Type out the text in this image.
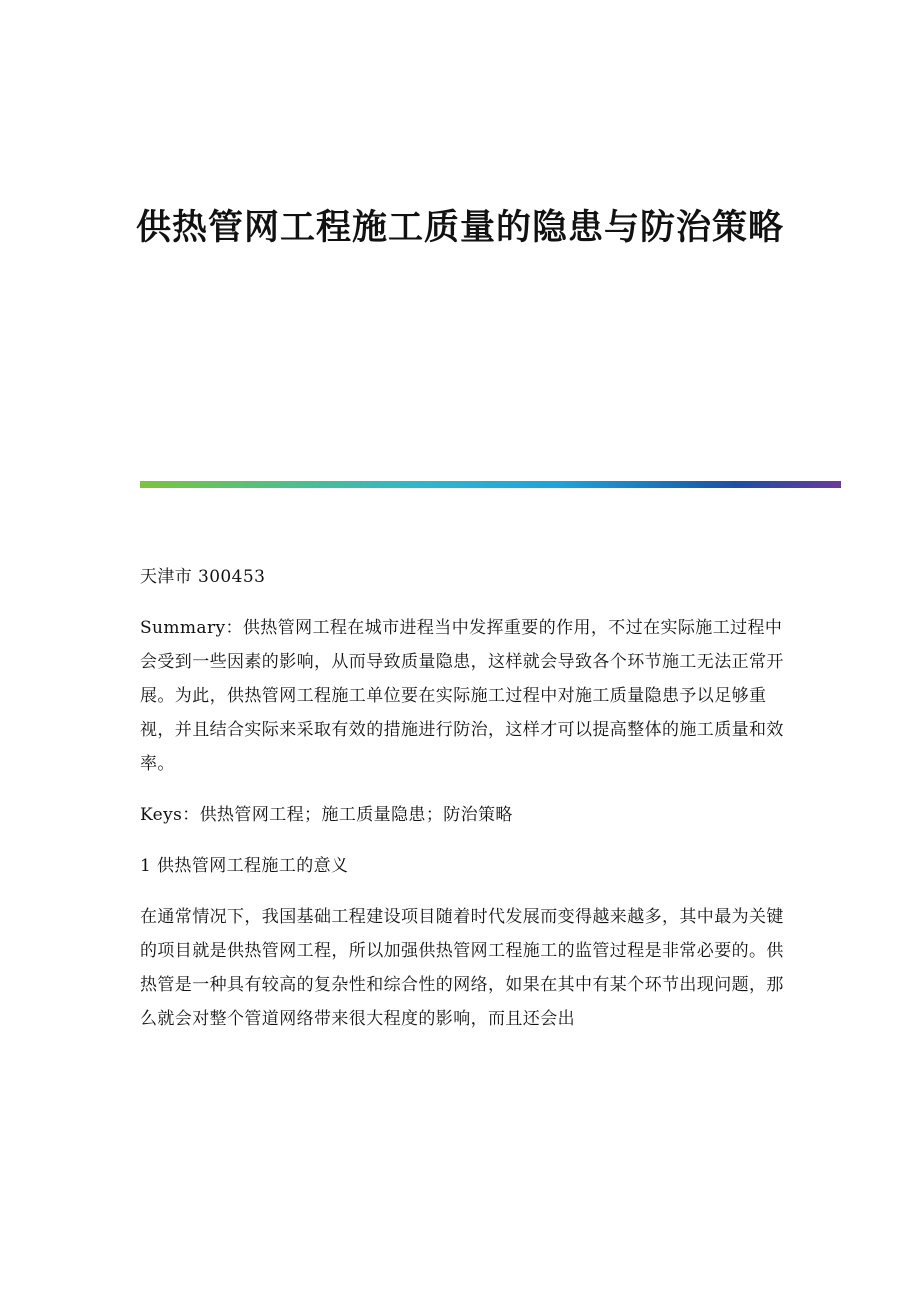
供热管网工程施工质量的隐患与防治策略

天津市 300453

Summary：供热管网工程在城市进程当中发挥重要的作用，不过在实际施工过程中会受到一些因素的影响，从而导致质量隐患，这样就会导致各个环节施工无法正常开展。为此，供热管网工程施工单位要在实际施工过程中对施工质量隐患予以足够重视，并且结合实际来采取有效的措施进行防治，这样才可以提高整体的施工质量和效率。

Keys：供热管网工程；施工质量隐患；防治策略

1 供热管网工程施工的意义

在通常情况下，我国基础工程建设项目随着时代发展而变得越来越多，其中最为关键的项目就是供热管网工程，所以加强供热管网工程施工的监管过程是非常必要的。供热管是一种具有较高的复杂性和综合性的网络，如果在其中有某个环节出现问题，那么就会对整个管道网络带来很大程度的影响，而且还会出
